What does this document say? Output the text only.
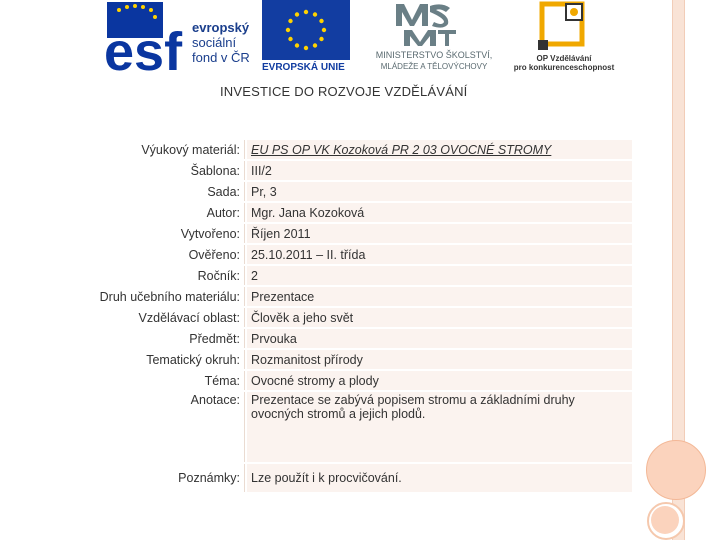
esf evropský
sociální
fond v ČR
EVROPSKÁ UNIE
MINISTERSTVO ŠKOLSTVÍ,
MLÁDEŽE A TĚLOVÝCHOVY
OP Vzdělávání
pro konkurenceschopnost
INVESTICE DO ROZVOJE VZDĚLÁVÁNÍ
Výukový materiál:	EU PS OP VK Kozoková PR 2 03 OVOCNÉ STROMY
Šablona:	III/2
Sada:	Pr, 3
Autor:	Mgr. Jana Kozoková
Vytvořeno:	Říjen 2011
Ověřeno:	25.10.2011 – II. třída
Ročník:	2
Druh učebního materiálu:	Prezentace
Vzdělávací oblast:	Člověk a jeho svět
Předmět:	Prvouka
Tematický okruh:	Rozmanitost přírody
Téma:	Ovocné stromy a plody
Anotace:	Prezentace se zabývá popisem stromu a základními druhy ovocných stromů a jejich plodů.
Poznámky:	Lze použít i k procvičování.
